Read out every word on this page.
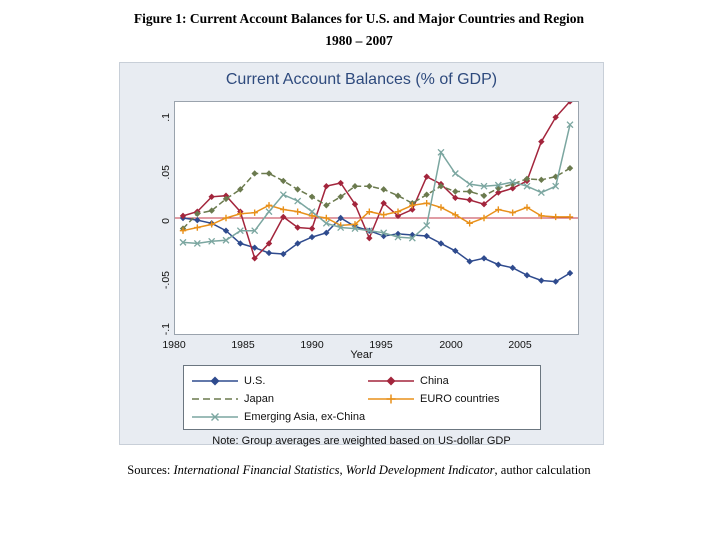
Figure 1: Current Account Balances for U.S. and Major Countries and Region
1980 – 2007
Current Account Balances (% of GDP)
.1
.05
0
-.05
-.1
1980	1985	1990	1995	2000	2005
Year
U.S.
Japan
Emerging Asia, ex-China
China
EURO countries
Note: Group averages are weighted based on US-dollar GDP
Sources: International Financial Statistics, World Development Indicator, author calculation
